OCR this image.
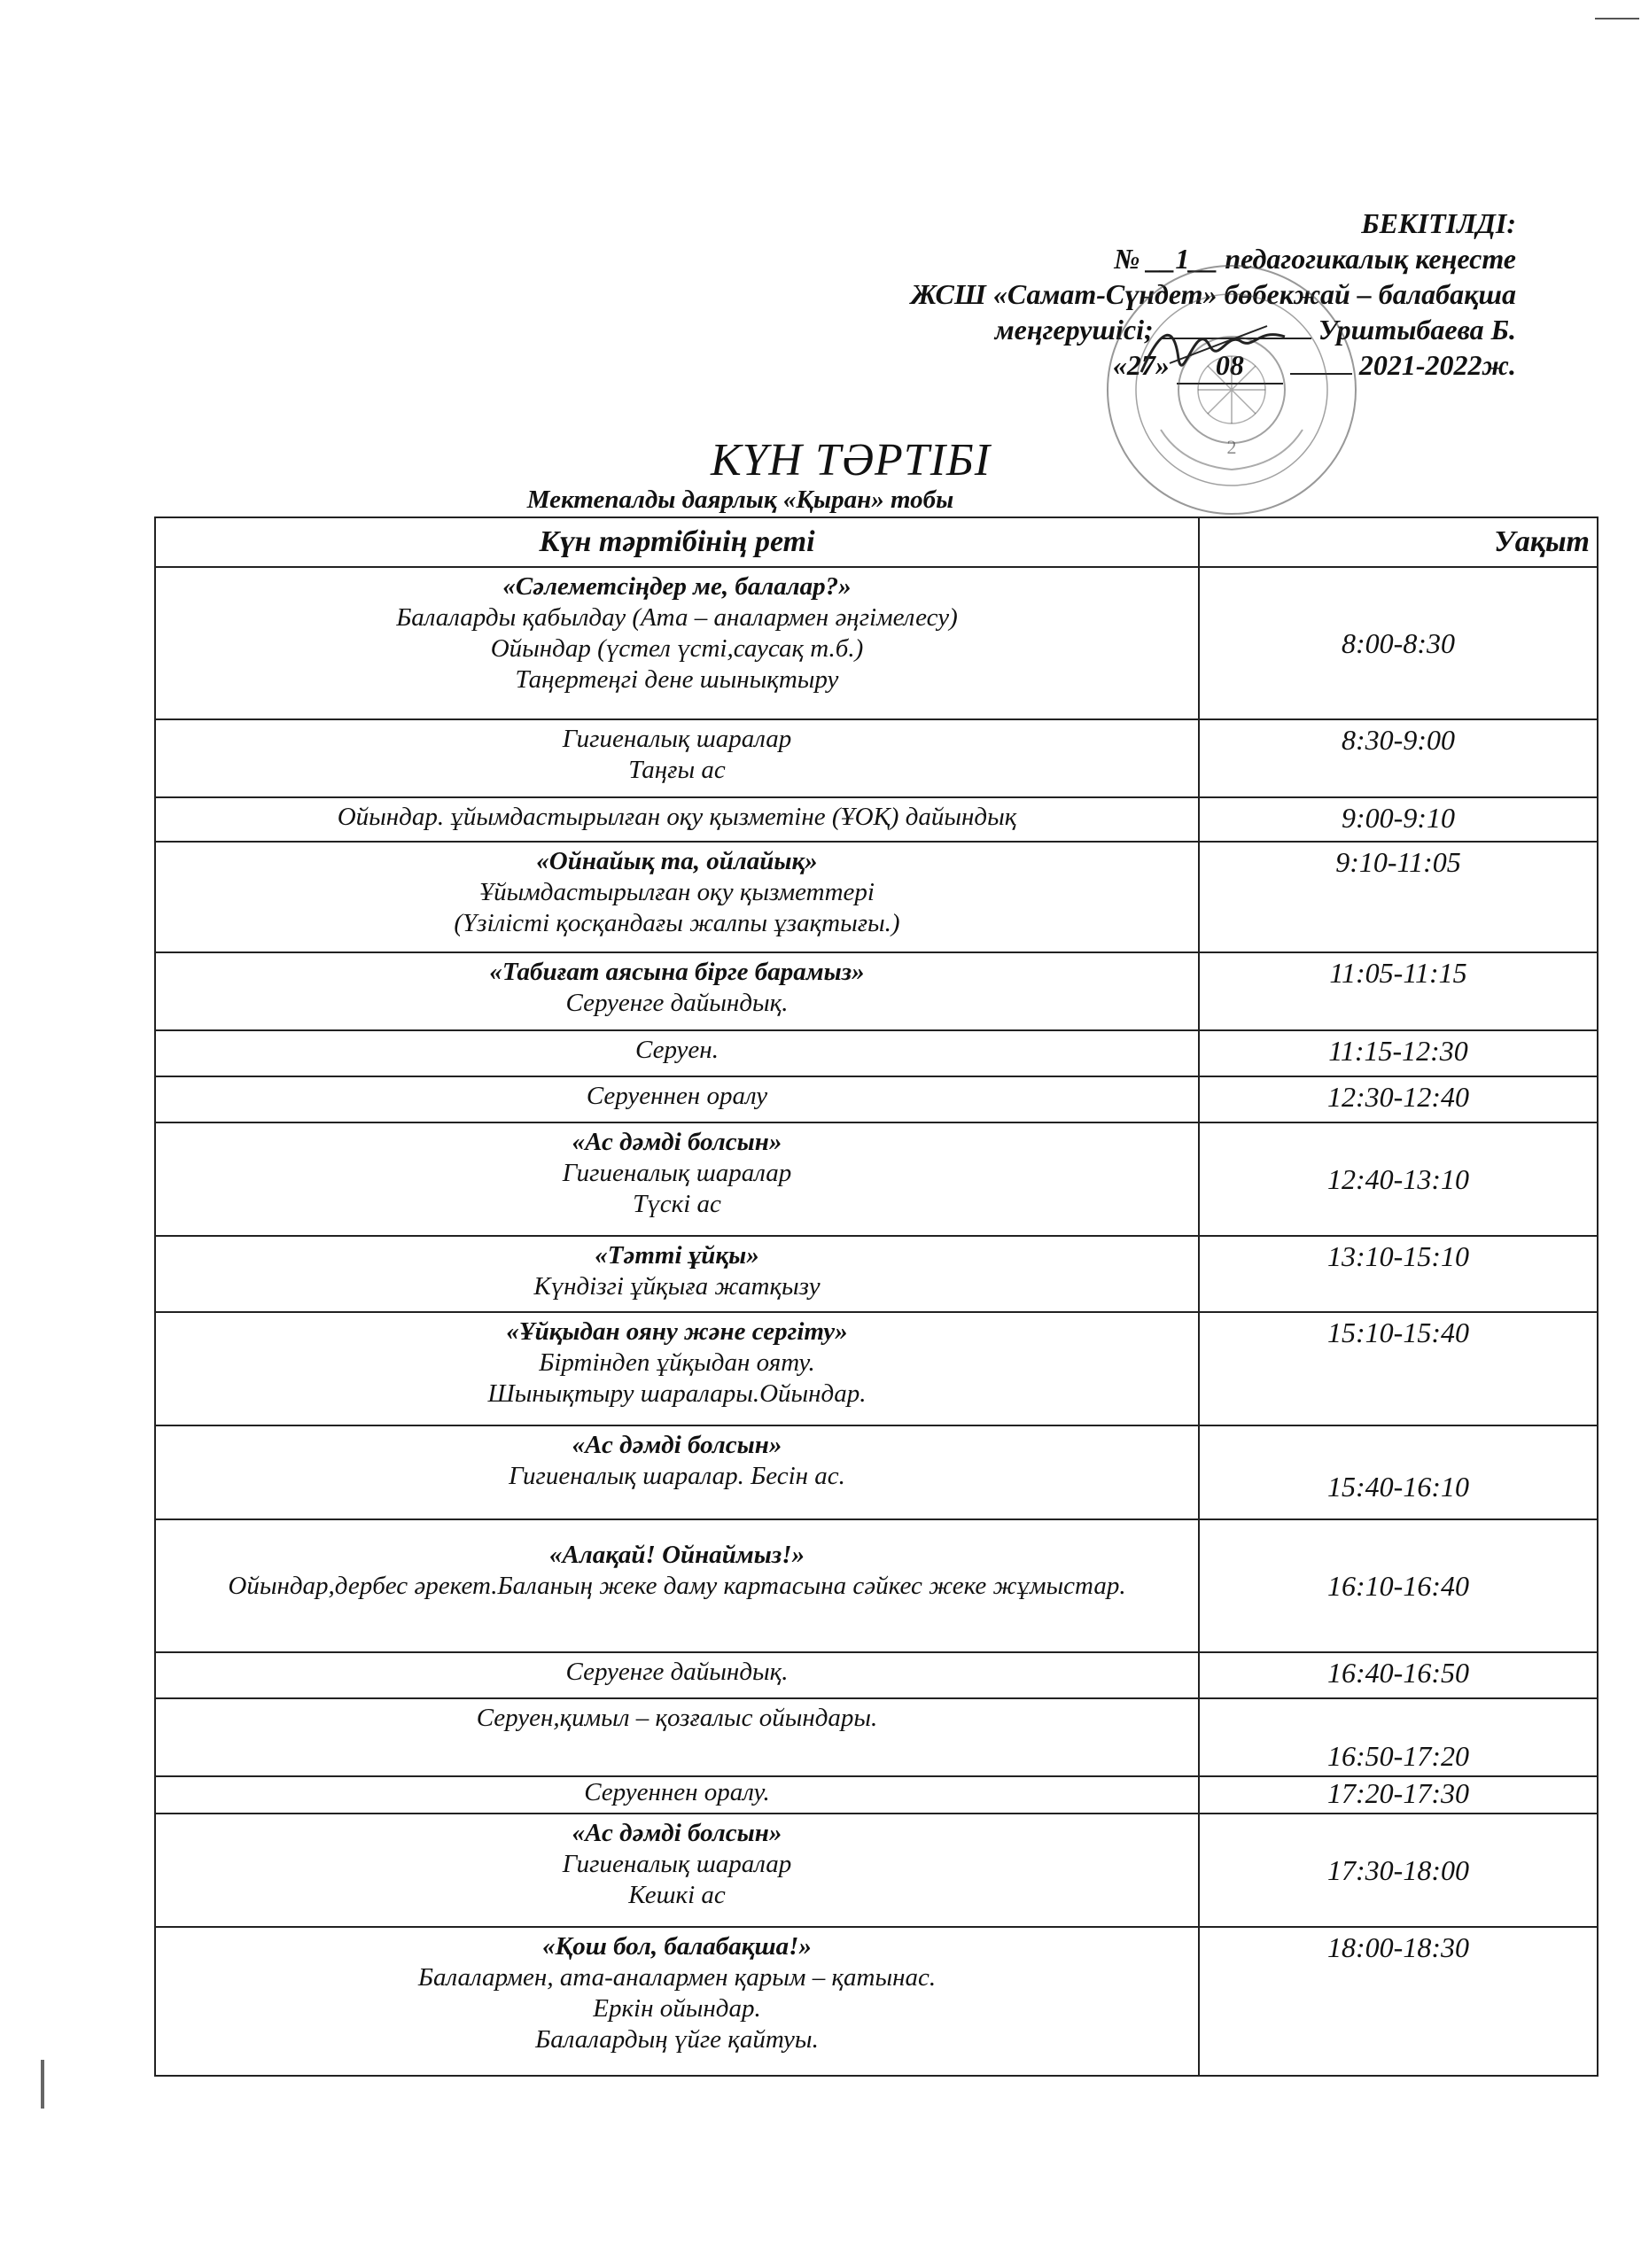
БЕКІТІЛДІ:
№ __1__ педагогикалық кеңесте
ЖСШ «Самат-Сүндет» бөбекжай – балабақша
меңгерушісі;	Урштыбаева Б.
«27» 08	2021-2022ж.
2
КҮН ТӘРТІБІ
Мектепалды даярлық «Қыран» тобы
Күн тәртібінің реті	Уақыт

«Сәлеметсіңдер ме, балалар?»
Балаларды қабылдау (Ата – аналармен әңгімелесу)
Ойындар (үстел үсті,саусақ т.б.)
Таңертеңгі дене шынықтыру	8:00-8:30

Гигиеналық шаралар
Таңғы ас	8:30-9:00

Ойындар. ұйымдастырылған оқу қызметіне (ҰОҚ) дайындық	9:00-9:10

«Ойнайық та, ойлайық»
Ұйымдастырылған оқу қызметтері
(Үзілісті қосқандағы жалпы ұзақтығы.)	9:10-11:05

«Табиғат аясына бірге барамыз»
Серуенге дайындық.	11:05-11:15

Серуен.	11:15-12:30

Серуеннен оралу	12:30-12:40

«Ас дәмді болсын»
Гигиеналық шаралар
Түскі ас	12:40-13:10

«Тәтті ұйқы»
Күндізгі ұйқыға жатқызу	13:10-15:10

«Ұйқыдан ояну және сергіту»
Біртіндеп ұйқыдан ояту.
Шынықтыру шаралары.Ойындар.	15:10-15:40

«Ас дәмді болсын»
Гигиеналық шаралар. Бесін ас.	15:40-16:10

«Алақай! Ойнаймыз!»
Ойындар,дербес әрекет.Баланың жеке даму картасына сәйкес жеке жұмыстар.	16:10-16:40

Серуенге дайындық.	16:40-16:50

Серуен,қимыл – қозғалыс ойындары.	16:50-17:20

Серуеннен оралу.	17:20-17:30

«Ас дәмді болсын»
Гигиеналық шаралар
Кешкі ас	17:30-18:00

«Қош бол, балабақша!»
Балалармен, ата-аналармен қарым – қатынас.
Еркін ойындар.
Балалардың үйге қайтуы.	18:00-18:30
